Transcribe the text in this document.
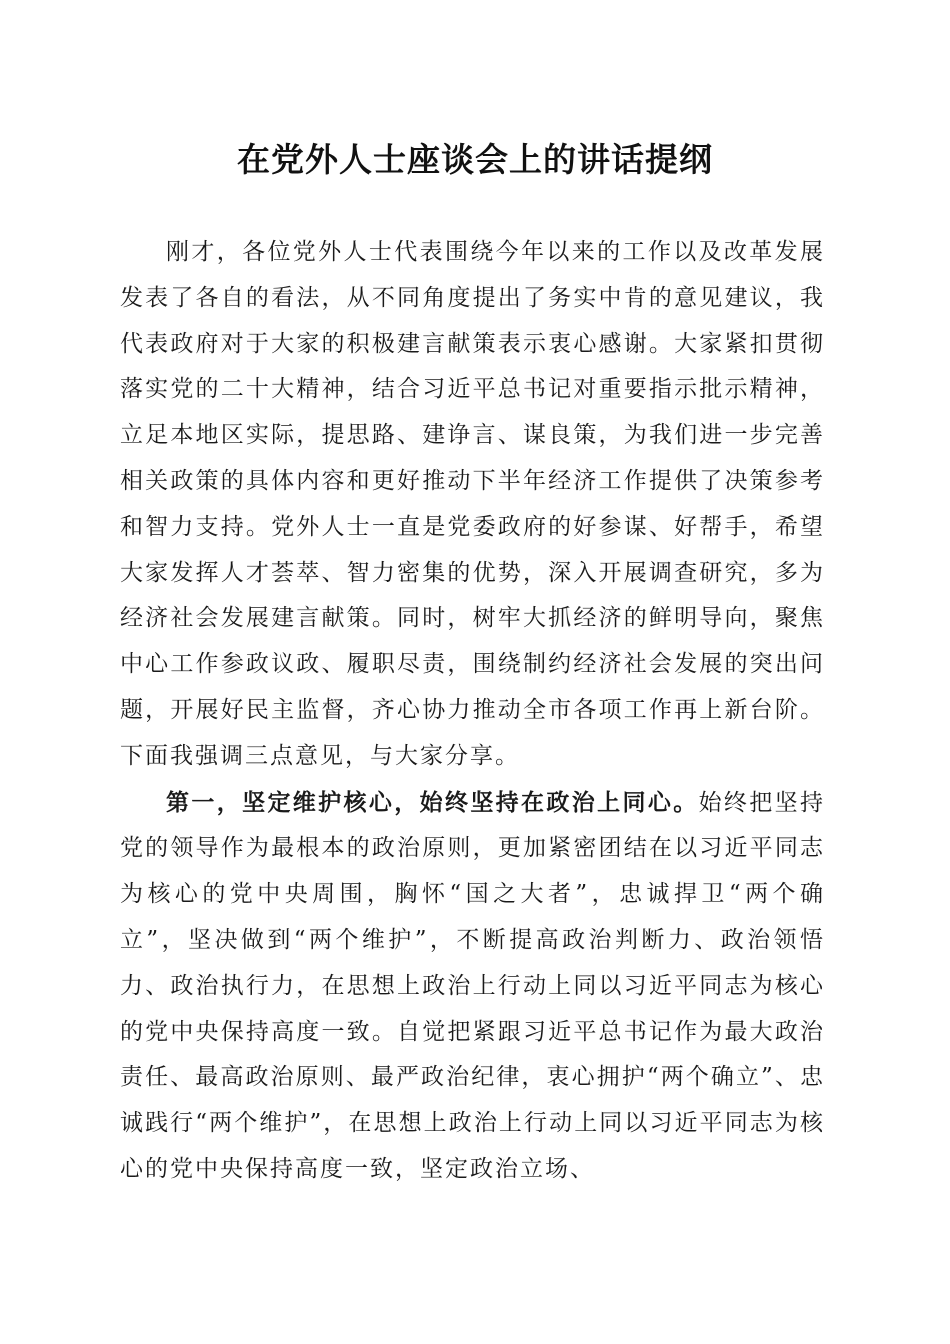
在党外人士座谈会上的讲话提纲

刚才，各位党外人士代表围绕今年以来的工作以及改革发展发表了各自的看法，从不同角度提出了务实中肯的意见建议，我代表政府对于大家的积极建言献策表示衷心感谢。大家紧扣贯彻落实党的二十大精神，结合习近平总书记对重要指示批示精神，立足本地区实际，提思路、建诤言、谋良策，为我们进一步完善相关政策的具体内容和更好推动下半年经济工作提供了决策参考和智力支持。党外人士一直是党委政府的好参谋、好帮手，希望大家发挥人才荟萃、智力密集的优势，深入开展调查研究，多为经济社会发展建言献策。同时，树牢大抓经济的鲜明导向，聚焦中心工作参政议政、履职尽责，围绕制约经济社会发展的突出问题，开展好民主监督，齐心协力推动全市各项工作再上新台阶。下面我强调三点意见，与大家分享。

第一，坚定维护核心，始终坚持在政治上同心。始终把坚持党的领导作为最根本的政治原则，更加紧密团结在以习近平同志为核心的党中央周围，胸怀“国之大者”，忠诚捍卫“两个确立”，坚决做到“两个维护”，不断提高政治判断力、政治领悟力、政治执行力，在思想上政治上行动上同以习近平同志为核心的党中央保持高度一致。自觉把紧跟习近平总书记作为最大政治责任、最高政治原则、最严政治纪律，衷心拥护“两个确立”、忠诚践行“两个维护”，在思想上政治上行动上同以习近平同志为核心的党中央保持高度一致，坚定政治立场、
